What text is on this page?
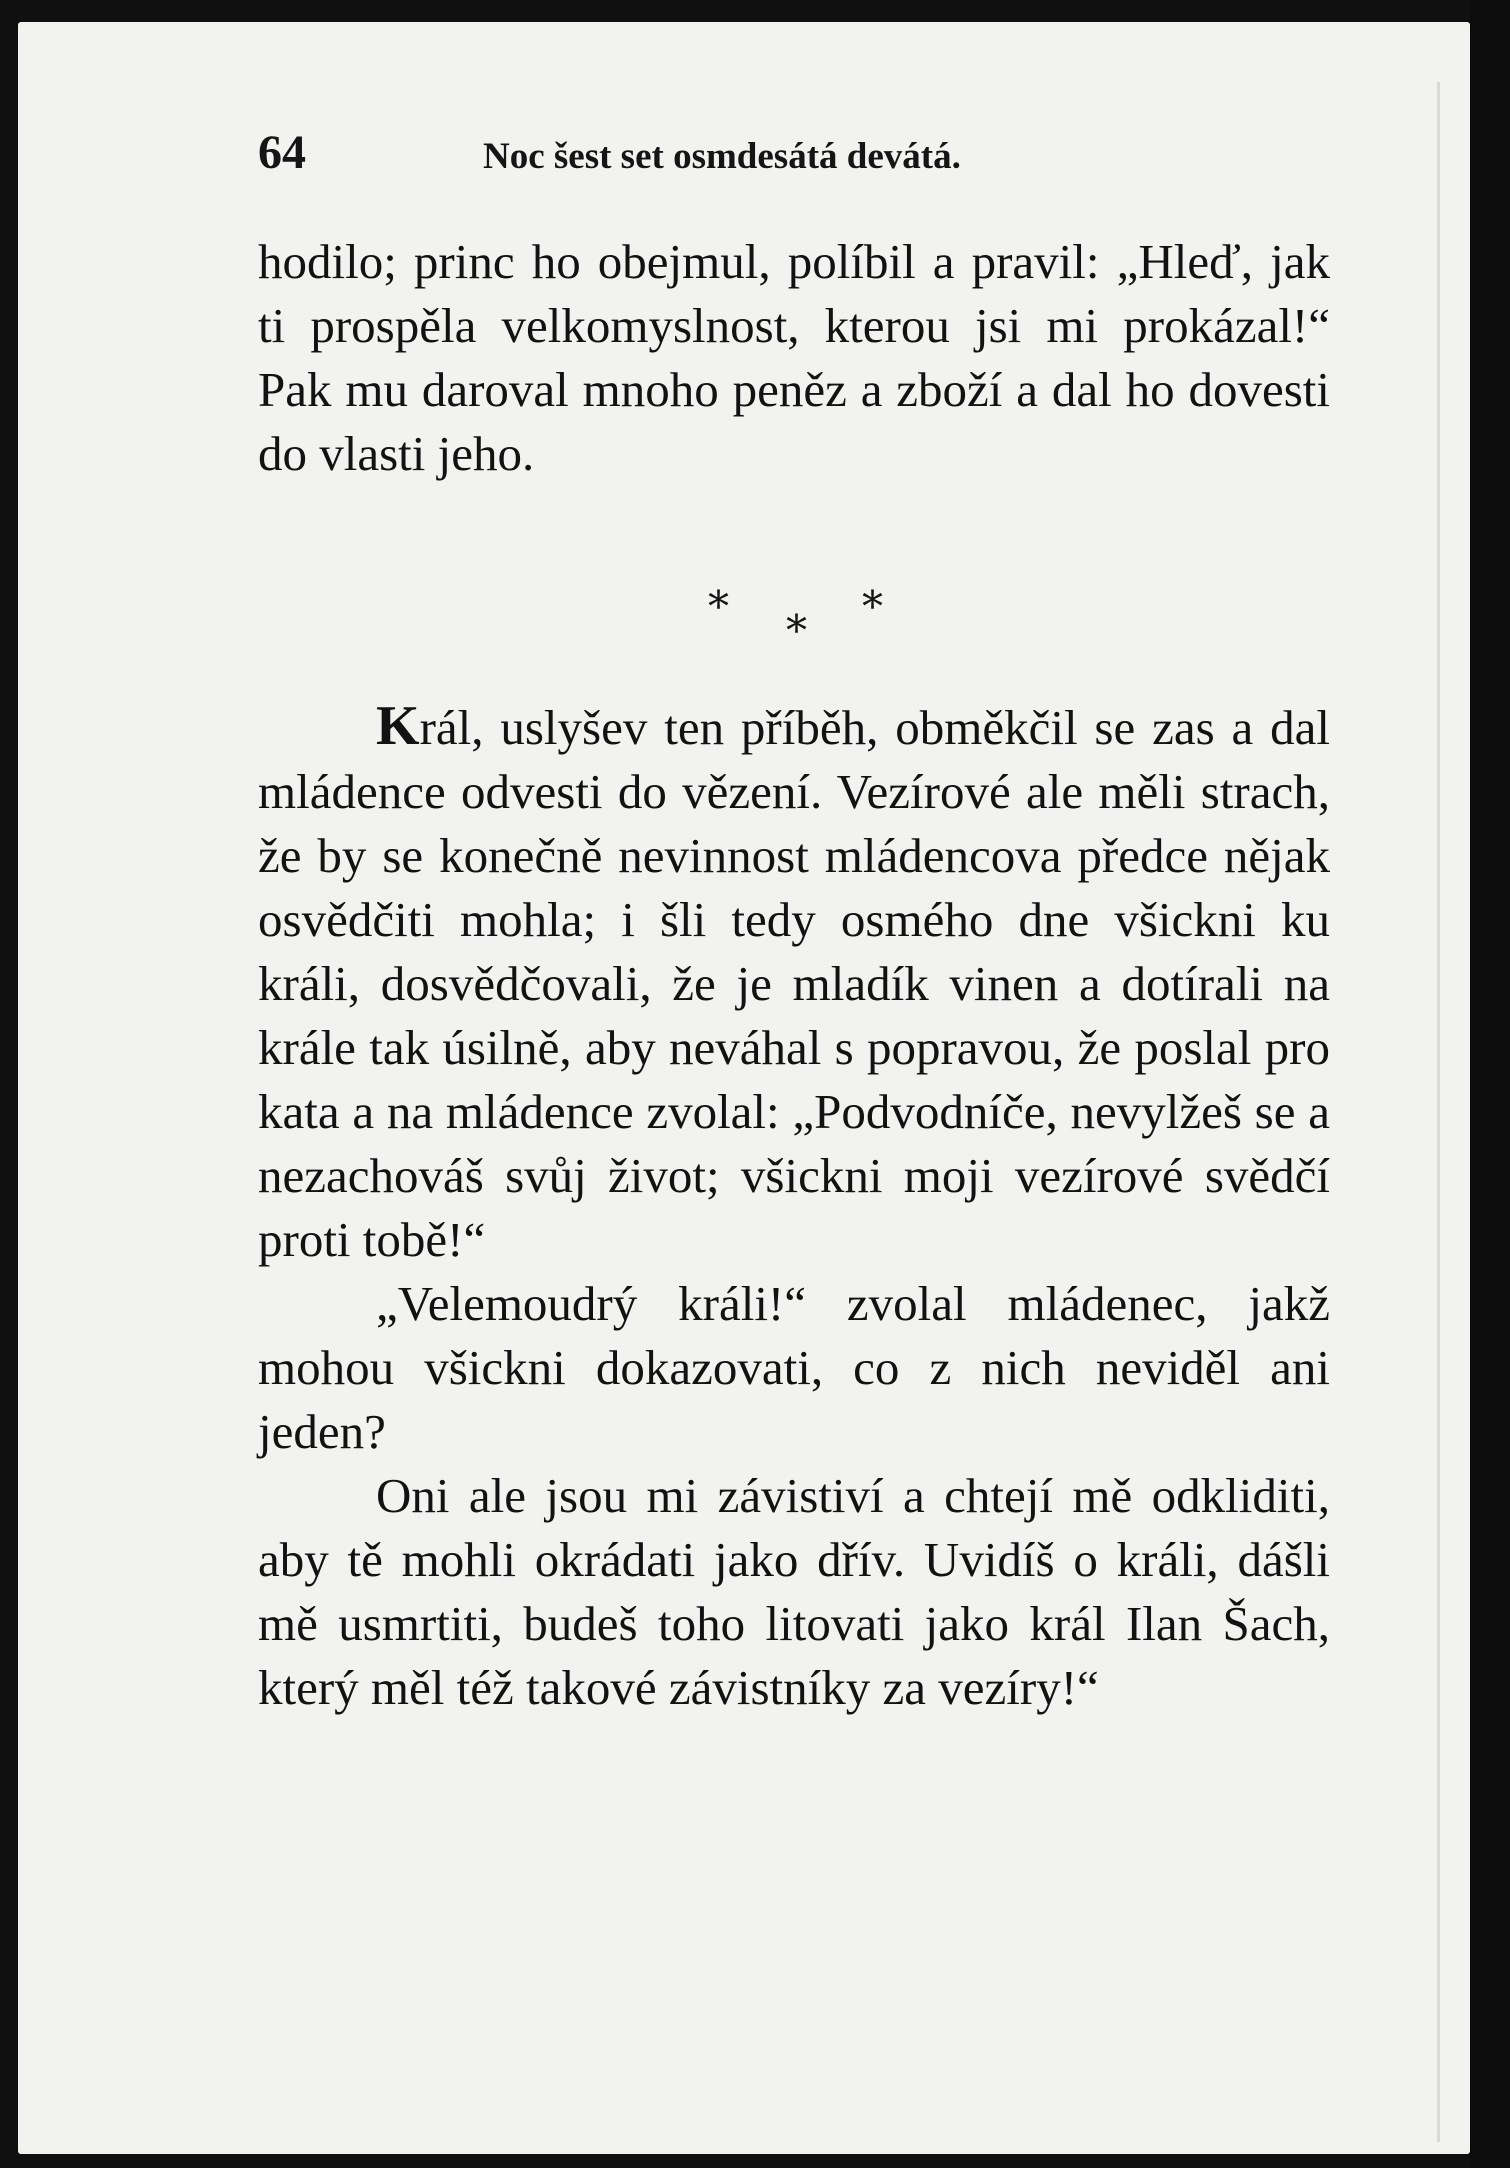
64	Noc šest set osmdesátá devátá.

hodilo; princ ho obejmul, políbil a pravil: „Hleď, jak ti prospěla velkomyslnost, kterou jsi mi prokázal!“ Pak mu daroval mnoho peněz a zboží a dal ho dovesti do vlasti jeho.

* * *

Král, uslyšev ten příběh, obměkčil se zas a dal mládence odvesti do vězení. Vezírové ale měli strach, že by se konečně nevinnost mládencova předce nějak osvědčiti mohla; i šli tedy osmého dne všickni ku králi, dosvědčovali, že je mladík vinen a dotírali na krále tak úsilně, aby neváhal s popravou, že poslal pro kata a na mládence zvolal: „Podvodníče, nevylžeš se a nezachováš svůj život; všickni moji vezírové svědčí proti tobě!“

„Velemoudrý králi!“ zvolal mládenec, jakž mohou všickni dokazovati, co z nich neviděl ani jeden?

Oni ale jsou mi závistiví a chtejí mě odkliditi, aby tě mohli okrádati jako dřív. Uvidíš o králi, dášli mě usmrtiti, budeš toho litovati jako král Ilan Šach, který měl též takové závistníky za vezíry!“
